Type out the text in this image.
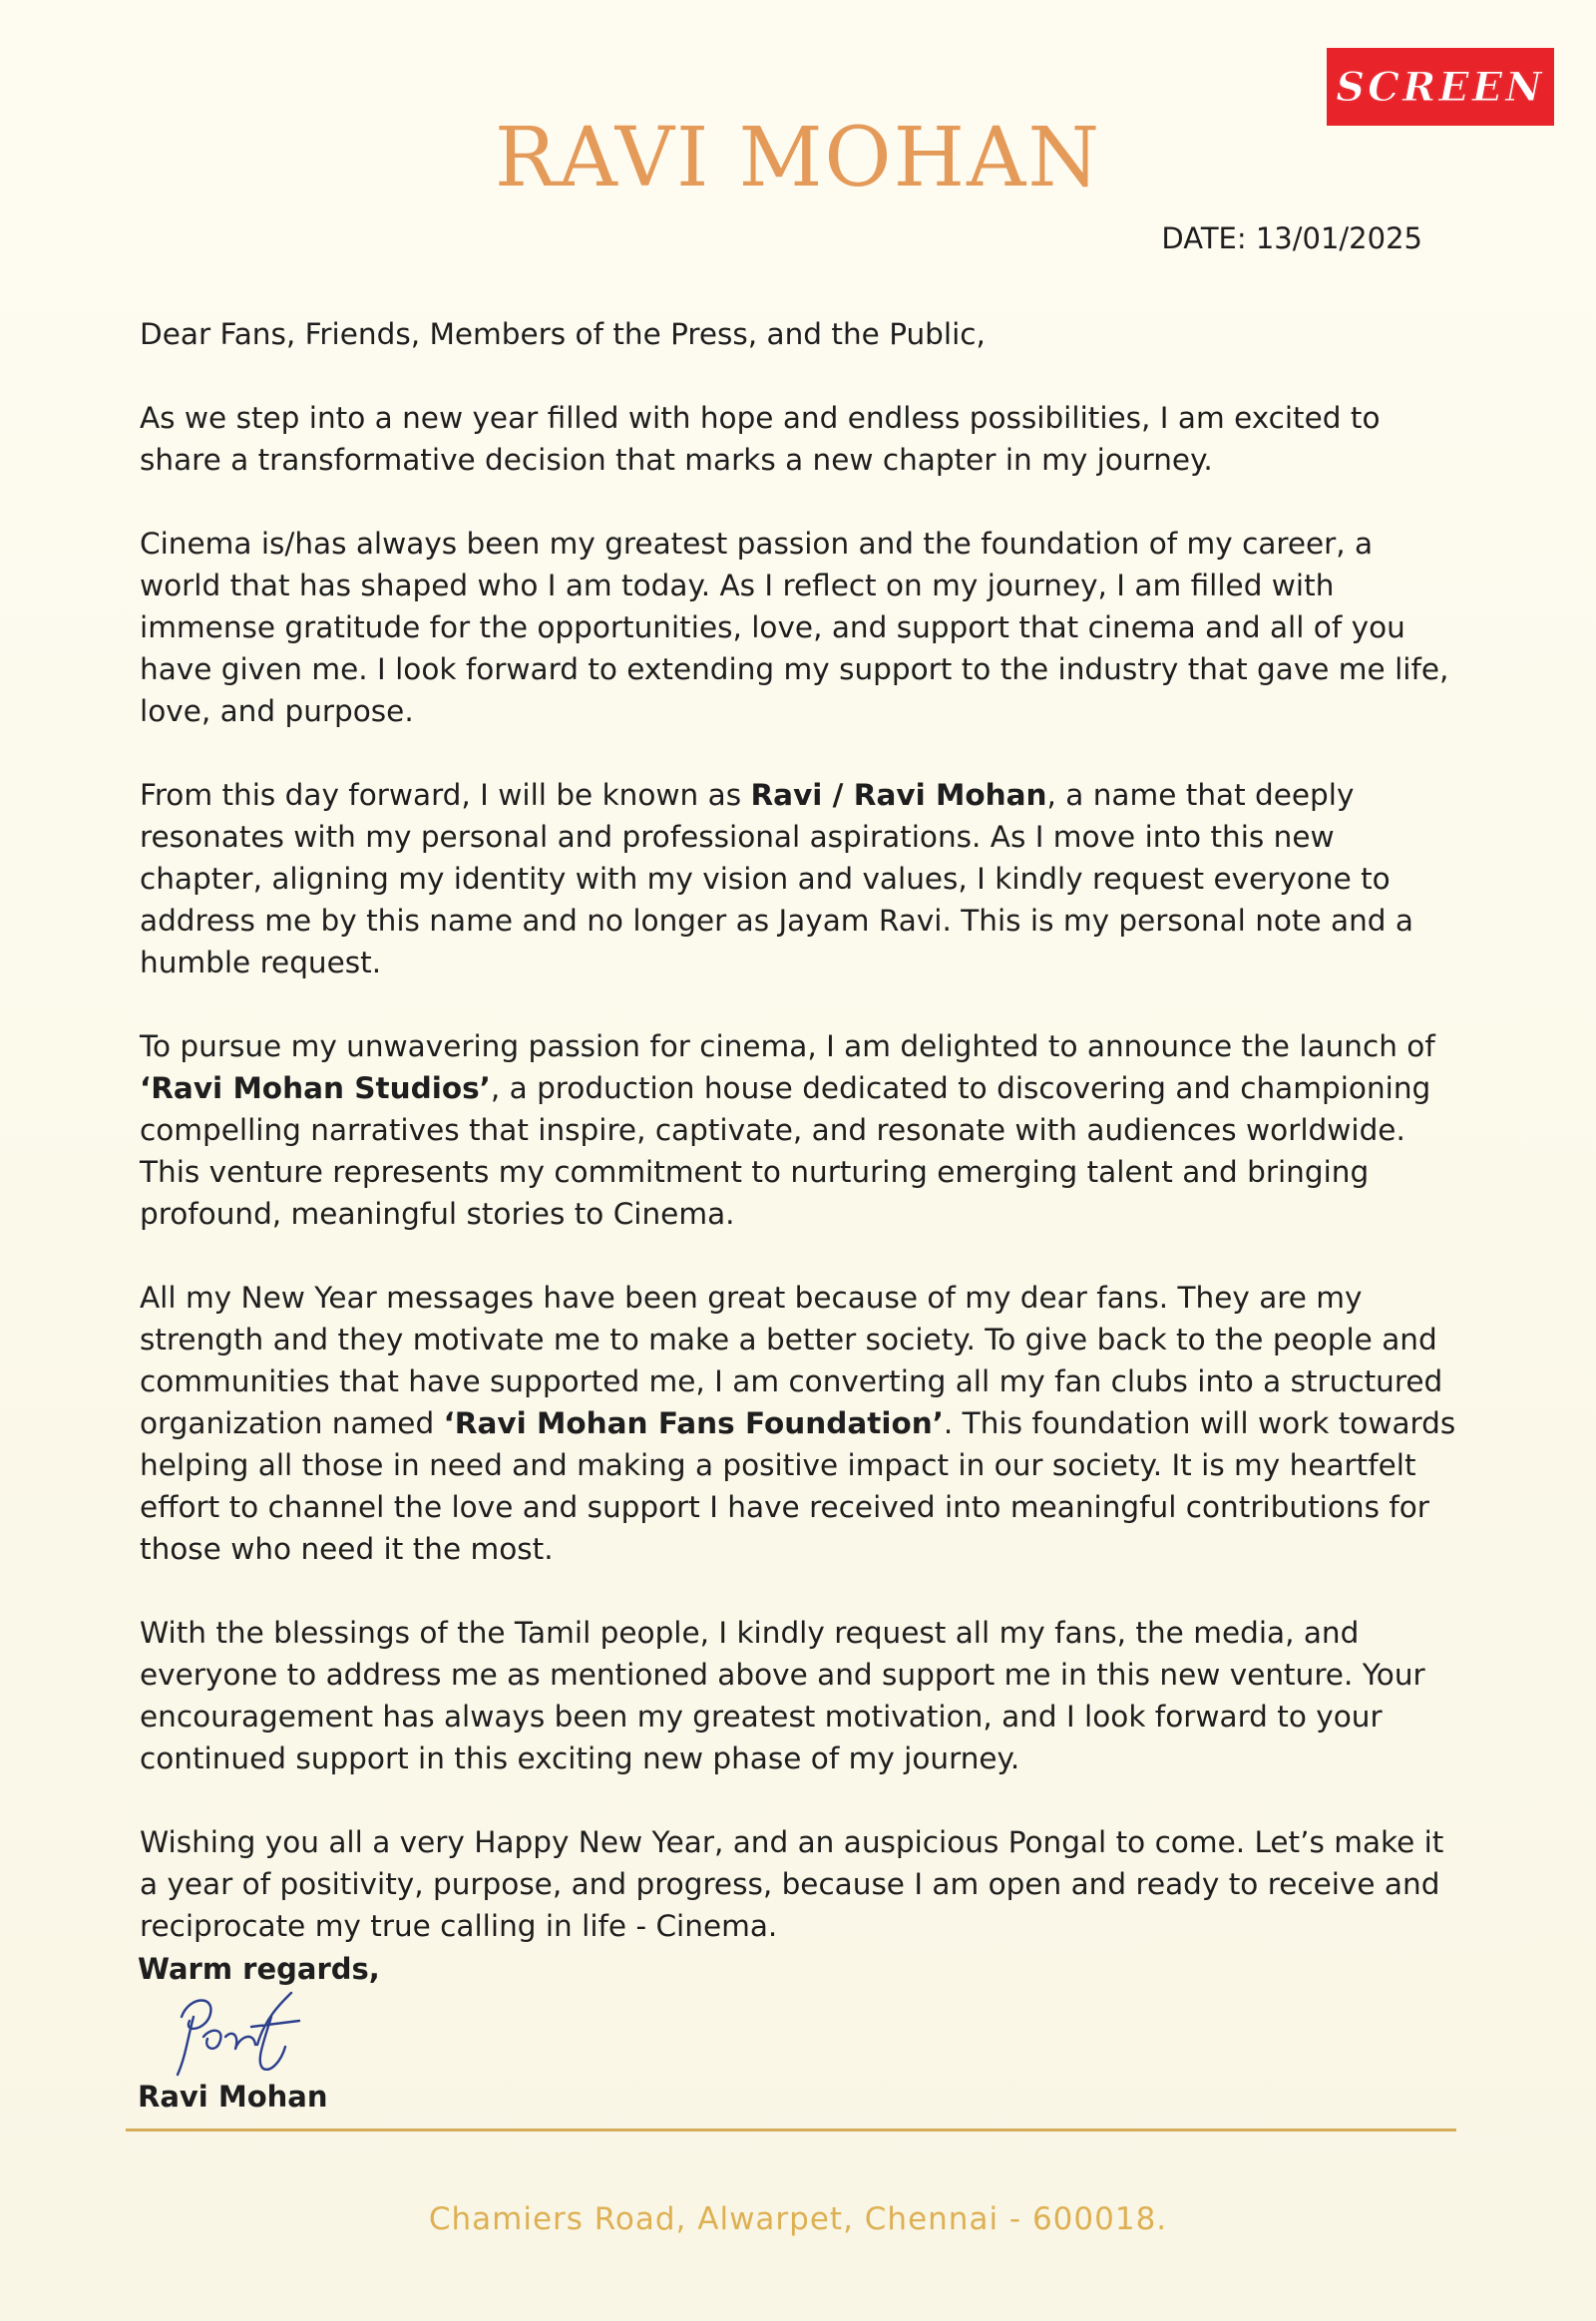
SCREEN
RAVI MOHAN
DATE: 13/01/2025

Dear Fans, Friends, Members of the Press, and the Public,

As we step into a new year filled with hope and endless possibilities, I am excited to share a transformative decision that marks a new chapter in my journey.

Cinema is/has always been my greatest passion and the foundation of my career, a world that has shaped who I am today. As I reflect on my journey, I am filled with immense gratitude for the opportunities, love, and support that cinema and all of you have given me. I look forward to extending my support to the industry that gave me life, love, and purpose.

From this day forward, I will be known as Ravi / Ravi Mohan, a name that deeply resonates with my personal and professional aspirations. As I move into this new chapter, aligning my identity with my vision and values, I kindly request everyone to address me by this name and no longer as Jayam Ravi. This is my personal note and a humble request.

To pursue my unwavering passion for cinema, I am delighted to announce the launch of ‘Ravi Mohan Studios’, a production house dedicated to discovering and championing compelling narratives that inspire, captivate, and resonate with audiences worldwide. This venture represents my commitment to nurturing emerging talent and bringing profound, meaningful stories to Cinema.

All my New Year messages have been great because of my dear fans. They are my strength and they motivate me to make a better society. To give back to the people and communities that have supported me, I am converting all my fan clubs into a structured organization named ‘Ravi Mohan Fans Foundation’. This foundation will work towards helping all those in need and making a positive impact in our society. It is my heartfelt effort to channel the love and support I have received into meaningful contributions for those who need it the most.

With the blessings of the Tamil people, I kindly request all my fans, the media, and everyone to address me as mentioned above and support me in this new venture. Your encouragement has always been my greatest motivation, and I look forward to your continued support in this exciting new phase of my journey.

Wishing you all a very Happy New Year, and an auspicious Pongal to come. Let’s make it a year of positivity, purpose, and progress, because I am open and ready to receive and reciprocate my true calling in life - Cinema.

Warm regards,
Ravi Mohan
Chamiers Road, Alwarpet, Chennai - 600018.
